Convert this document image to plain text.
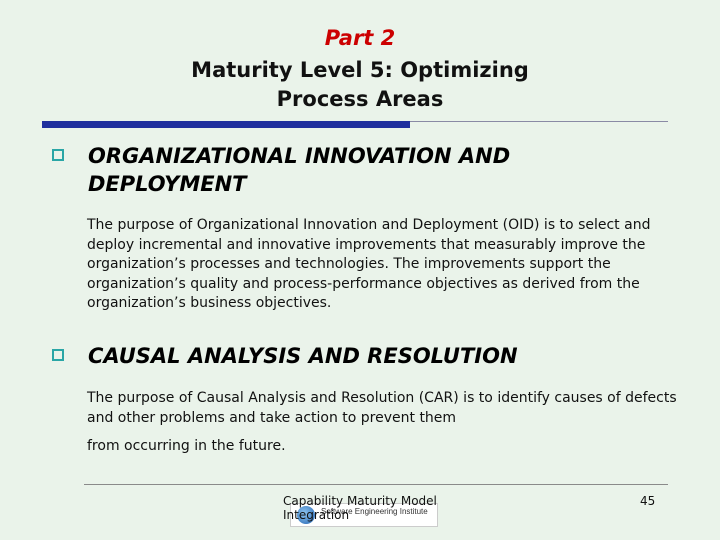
Part 2
Maturity Level 5: Optimizing
Process Areas
ORGANIZATIONAL INNOVATION AND
DEPLOYMENT
The purpose of Organizational Innovation and Deployment (OID) is to select and deploy incremental and innovative improvements that measurably improve the organization’s processes and technologies. The improvements support the organization’s quality and process-performance objectives as derived from the organization’s business objectives.
CAUSAL ANALYSIS AND RESOLUTION
The purpose of Causal Analysis and Resolution (CAR) is to identify causes of defects and other problems and take action to prevent them
from occurring in the future.
Software Engineering Institute
Capability Maturity Model Integration
45
